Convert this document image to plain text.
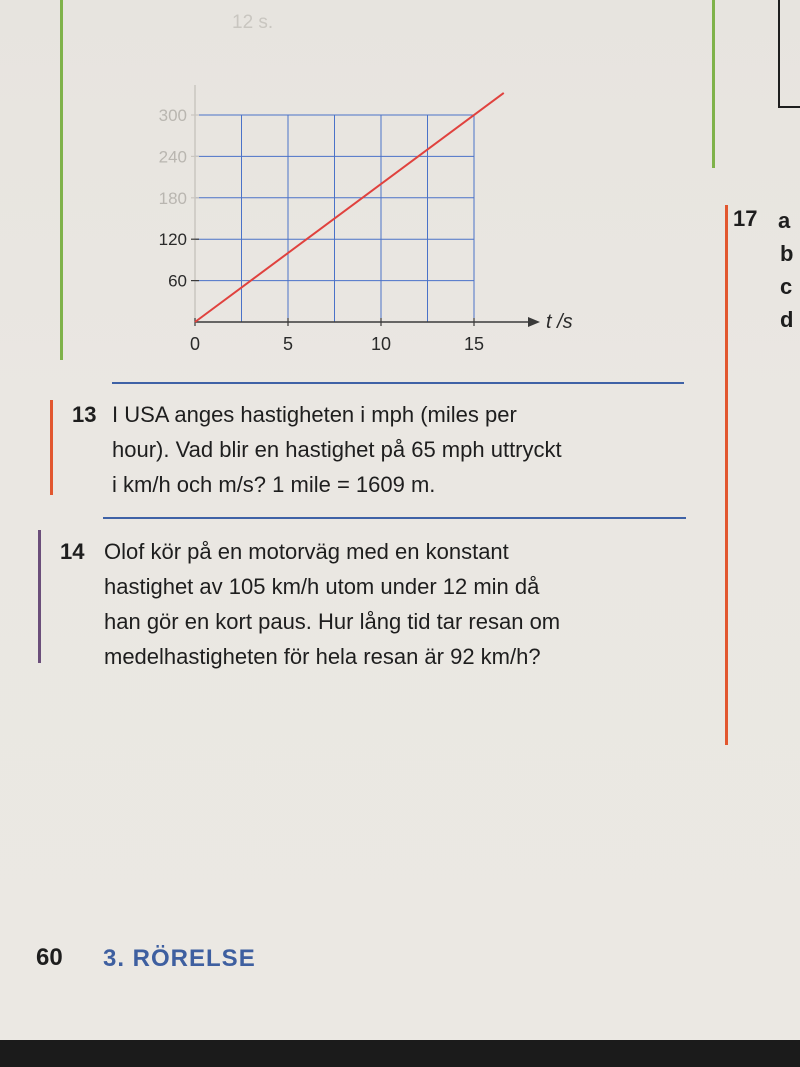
12 s.
0	5	10	15
t /s
60
120
180
240
300
13 I USA anges hastigheten i mph (miles per
hour). Vad blir en hastighet på 65 mph uttryckt
i km/h och m/s? 1 mile = 1609 m.
14 Olof kör på en motorväg med en konstant
hastighet av 105 km/h utom under 12 min då
han gör en kort paus. Hur lång tid tar resan om
medelhastigheten för hela resan är 92 km/h?
17 a
b
c
d
60 3. RÖRELSE
